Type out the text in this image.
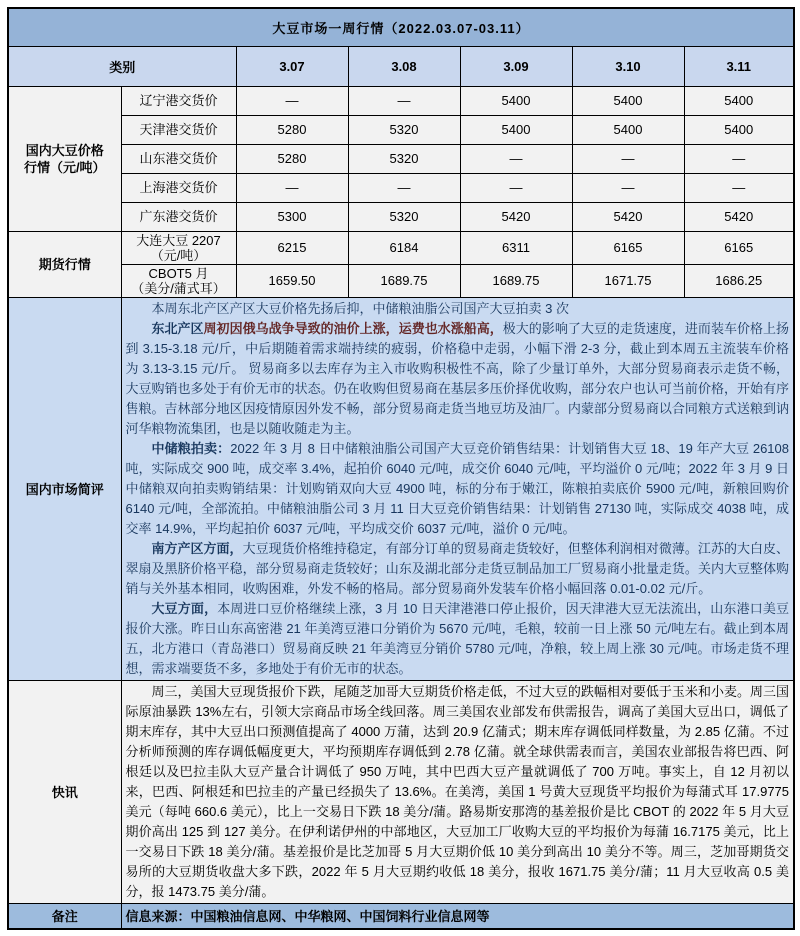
大豆市场一周行情（2022.03.07-03.11）						
类别		3.07	3.08	3.09	3.10	3.11
国内大豆价格
行情（元/吨）	辽宁港交货价	—	—	5400	5400	5400
	天津港交货价	5280	5320	5400	5400	5400
	山东港交货价	5280	5320	—	—	—
	上海港交货价	—	—	—	—	—
	广东港交货价	5300	5320	5420	5420	5420
期货行情	大连大豆 2207
（元/吨）	6215	6184	6311	6165	6165
	CBOT5 月
（美分/蒲式耳）	1659.50	1689.75	1689.75	1671.75	1686.25
国内市场简评	本周东北产区产区大豆价格先扬后抑，中储粮油脂公司国产大豆拍卖 3 次

东北产区周初因俄乌战争导致的油价上涨，运费也水涨船高，极大的影响了大豆的走货速度，进而装车价格上扬到 3.15-3.18 元/斤，中后期随着需求端持续的疲弱，价格稳中走弱，小幅下滑 2-3 分，截止到本周五主流装车价格为 3.13-3.15 元/斤。 贸易商多以去库存为主入市收购积极性不高，除了少量订单外，大部分贸易商表示走货不畅，大豆购销也多处于有价无市的状态。仍在收购但贸易商在基层多压价择优收购，部分农户也认可当前价格，开始有序售粮。吉林部分地区因疫情原因外发不畅，部分贸易商走货当地豆坊及油厂。内蒙部分贸易商以合同粮方式送粮到讷河华粮物流集团，也是以随收随走为主。

中储粮拍卖：2022 年 3 月 8 日中储粮油脂公司国产大豆竞价销售结果：计划销售大豆 18、19 年产大豆 26108 吨，实际成交 900 吨，成交率 3.4%，起拍价 6040 元/吨，成交价 6040 元/吨，平均溢价 0 元/吨；2022 年 3 月 9 日中储粮双向拍卖购销结果：计划购销双向大豆 4900 吨，标的分布于嫩江，陈粮拍卖底价 5900 元/吨，新粮回购价 6140 元/吨，全部流拍。中储粮油脂公司 3 月 11 日大豆竞价销售结果：计划销售 27130 吨，实际成交 4038 吨，成交率 14.9%，平均起拍价 6037 元/吨，平均成交价 6037 元/吨，溢价 0 元/吨。

南方产区方面，大豆现货价格维持稳定，有部分订单的贸易商走货较好，但整体利润相对微薄。江苏的大白皮、翠扇及黑脐价格平稳，部分贸易商走货较好；山东及湖北部分走货豆制品加工厂贸易商小批量走货。关内大豆整体购销与关外基本相同，收购困难，外发不畅的格局。部分贸易商外发装车价格小幅回落 0.01-0.02 元/斤。

大豆方面，本周进口豆价格继续上涨，3 月 10 日天津港港口停止报价，因天津港大豆无法流出，山东港口美豆报价大涨。昨日山东高密港 21 年美湾豆港口分销价为 5670 元/吨，毛粮，较前一日上涨 50 元/吨左右。截止到本周五，北方港口（青岛港口）贸易商反映 21 年美湾豆分销价 5780 元/吨，净粮，较上周上涨 30 元/吨。市场走货不理想，需求端要货不多，多地处于有价无市的状态。					

快讯	周三，美国大豆现货报价下跌，尾随芝加哥大豆期货价格走低，不过大豆的跌幅相对要低于玉米和小麦。周三国际原油暴跌 13%左右，引领大宗商品市场全线回落。周三美国农业部发布供需报告，调高了美国大豆出口，调低了期末库存，其中大豆出口预测值提高了 4000 万蒲，达到 20.9 亿蒲式；期末库存调低同样数量，为 2.85 亿蒲。不过分析师预测的库存调低幅度更大，平均预期库存调低到 2.78 亿蒲。就全球供需表而言，美国农业部报告将巴西、阿根廷以及巴拉圭队大豆产量合计调低了 950 万吨，其中巴西大豆产量就调低了 700 万吨。事实上，自 12 月初以来，巴西、阿根廷和巴拉圭的产量已经损失了 13.6%。在美湾，美国 1 号黄大豆现货平均报价为每蒲式耳 17.9775 美元（每吨 660.6 美元），比上一交易日下跌 18 美分/蒲。路易斯安那湾的基差报价是比 CBOT 的 2022 年 5 月大豆期价高出 125 到 127 美分。在伊利诺伊州的中部地区，大豆加工厂收购大豆的平均报价为每蒲 16.7175 美元，比上一交易日下跌 18 美分/蒲。基差报价是比芝加哥 5 月大豆期价低 10 美分到高出 10 美分不等。周三，芝加哥期货交易所的大豆期货收盘大多下跌，2022 年 5 月大豆期约收低 18 美分，报收 1671.75 美分/蒲；11 月大豆收高 0.5 美分，报 1473.75 美分/蒲。					

备注	信息来源：中国粮油信息网、中华粮网、中国饲料行业信息网等					
